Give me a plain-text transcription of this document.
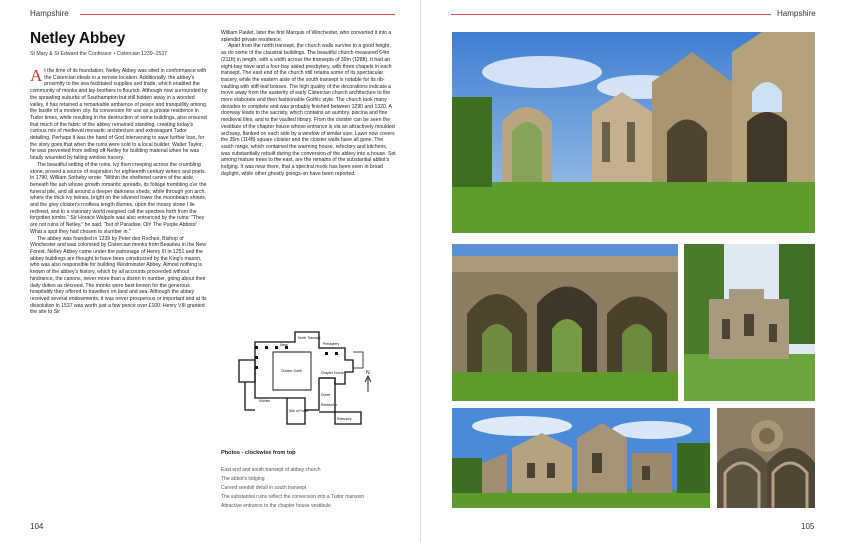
Hampshire
Netley Abbey
St Mary & St Edward the Confessor • Cistercian 1239–1537

At the time of its foundation, Netley Abbey was sited in conformance with the Cistercian ideals in a remote location. Additionally, the abbey's proximity to the sea facilitated supplies and trade, which enabled the community of monks and lay-brothers to flourish. Although now surrounded by the sprawling suburbs of Southampton but still hidden away in a wooded valley, it has retained a remarkable ambience of peace and tranquillity among the bustle of a modern city. Its conversion for use as a private residence in Tudor times, while resulting in the destruction of some buildings, also ensured that much of the fabric of the abbey remained standing, creating today's curious mix of medieval monastic architecture and extravagant Tudor detailing. Perhaps it was the hand of God intervening to save further loss, for the story goes that when the ruins were sold to a local builder, Walter Taylor, he was prevented from selling off Netley for building material when he was fatally wounded by falling window tracery.

The beautiful setting of the ruins, ivy then creeping across the crumbling stone, proved a source of inspiration for eighteenth century writers and poets. In 1790, William Sotheby wrote: "Within the sheltered centre of the aisle, beneath the ash whose growth romantic spreads, its foliage trembling o'er the funeral pile, and all around a deeper darkness sheds; while through yon arch, where the thick ivy twines, bright on the silvered tower the moonbeam shines, and the grey cloister's roofless length illumes, upon the mossy stone I lie reclined, and to a visionary world resigned call the spectres forth from the forgotten tombs." Sir Horace Walpole was also entranced by the ruins: "They are not ruins of Netley," he said, "but of Paradise. Oh! The Purple Abbots! What a spot they had chosen to slumber in."

The abbey was founded in 1239 by Peter des Roches, Bishop of Winchester and was colonised by Cistercian monks from Beaulieu in the New Forest. Netley Abbey came under the patronage of Henry III in 1251 and the abbey buildings are thought to have been constructed by the King's mason, who was also responsible for building Westminster Abbey. Almost nothing is known of the abbey's history, which by all accounts proceeded without hindrance, the canons, never more than a dozen in number, going about their daily duties as decreed. The monks were best known for the generous hospitality they offered to travellers on land and sea. Although the abbey received several endowments, it was never prosperous or important and at its dissolution in 1537 was worth just a few pence over £100. Henry VIII granted the site to Sir

William Paulet, later the first Marquis of Winchester, who converted it into a splendid private residence.

Apart from the north transept, the church walls survive to a good height, as do some of the claustral buildings. The beautiful church measured 64m (211ft) in length, with a width across the transepts of 39m (128ft). It had an eight-bay nave and a four-bay aisled presbytery, with three chapels in each transept. The east end of the church still retains some of its spectacular tracery, while the eastern aisle of the south transept is notable for its rib-vaulting with stiff-leaf bosses. The high quality of the decorations indicate a move away from the austerity of early Cistercian church architecture to the more elaborate and then fashionable Gothic style. The church took many decades to complete and was probably finished between 1290 and 1320. A doorway leads to the sacristy, which contains an aumbry, piscina and fine medieval tiles, and to the vaulted library. From the cloister can be seen the vestibule of the chapter house whose entrance is via an attractively moulded archway, flanked on each side by a window of similar size. Lawn now covers the 35m (114ft) square cloister and the cloister walls have all gone. The south range, which contained the warming house, refectory and kitchens, was substantially rebuilt during the conversion of the abbey into a house. Set among mature trees to the east, are the remains of the substantial abbot's lodging. It was near there, that a spectral monk has been seen in broad daylight, while other ghostly goings-on have been reported.

North Transept
Nave	Presbytery
Cloister Garth	Chapter House
Kitchen
Dorter
Refectory
Site of Frater
Reredorter
N
Photos - clockwise from top
East end and south transept of abbey church
The abbot's lodging
Carved seedoll detail in south transept
The substantial ruins reflect the conversion into a Tudor mansion
Attractive entrance to the chapter house vestibule
104
Hampshire
105
